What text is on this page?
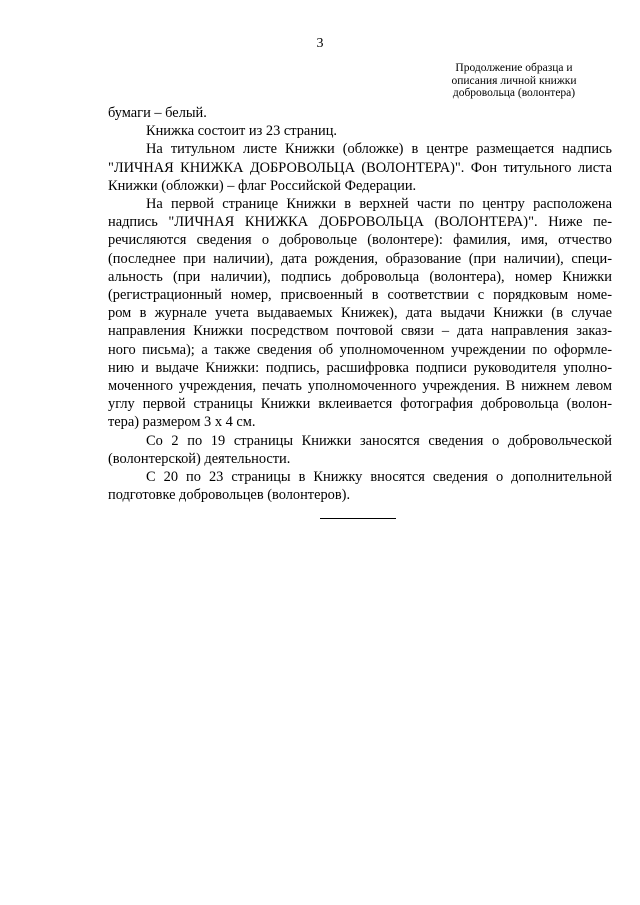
3
Продолжение образца и
описания личной книжки
добровольца (волонтера)
бумаги – белый.
Книжка состоит из 23 страниц.
На титульном листе Книжки (обложке) в центре размещается надпись
"ЛИЧНАЯ КНИЖКА ДОБРОВОЛЬЦА (ВОЛОНТЕРА)". Фон титульного листа
Книжки (обложки) – флаг Российской Федерации.
На первой странице Книжки в верхней части по центру расположена
надпись "ЛИЧНАЯ КНИЖКА ДОБРОВОЛЬЦА (ВОЛОНТЕРА)". Ниже пе-
речисляются сведения о добровольце (волонтере): фамилия, имя, отчество
(последнее при наличии), дата рождения, образование (при наличии), специ-
альность (при наличии), подпись добровольца (волонтера), номер Книжки
(регистрационный номер, присвоенный в соответствии с порядковым номе-
ром в журнале учета выдаваемых Книжек), дата выдачи Книжки (в случае
направления Книжки посредством почтовой связи – дата направления заказ-
ного письма); а также сведения об уполномоченном учреждении по оформле-
нию и выдаче Книжки: подпись, расшифровка подписи руководителя уполно-
моченного учреждения, печать уполномоченного учреждения. В нижнем левом
углу первой страницы Книжки вклеивается фотография добровольца (волон-
тера) размером 3 х 4 см.
Со 2 по 19 страницы Книжки заносятся сведения о добровольческой
(волонтерской) деятельности.
С 20 по 23 страницы в Книжку вносятся сведения о дополнительной
подготовке добровольцев (волонтеров).
